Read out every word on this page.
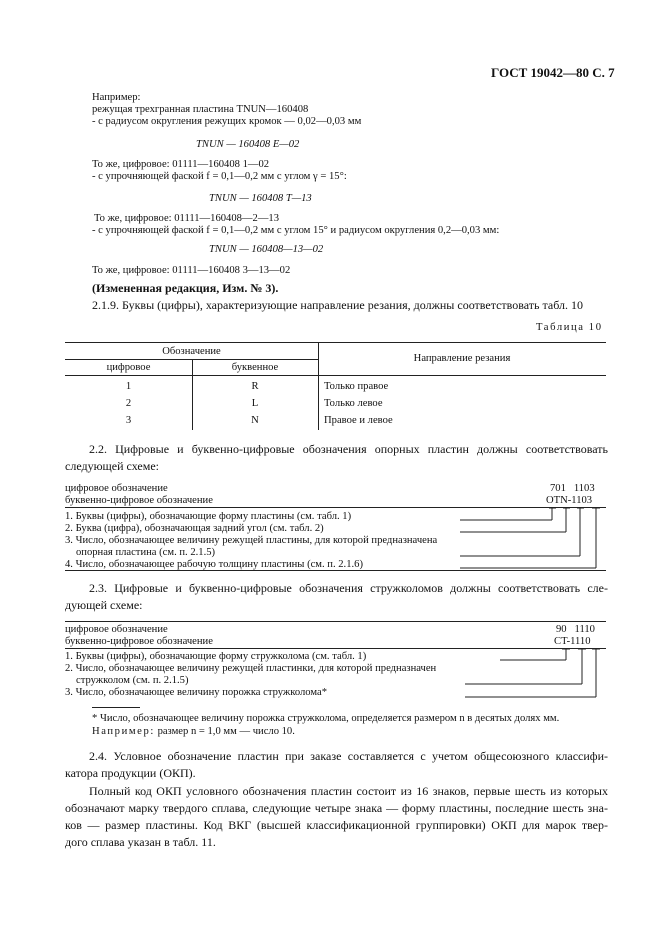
ГОСТ 19042—80 С. 7
Например:
режущая трехгранная пластина TNUN—160408
- с радиусом округления режущих кромок — 0,02—0,03 мм
TNUN — 160408 E—02
То же, цифровое: 01111—160408 1—02
- с упрочняющей фаской f = 0,1—0,2 мм с углом γ = 15°:
TNUN — 160408 T—13
То же, цифровое: 01111—160408—2—13
- с упрочняющей фаской f = 0,1—0,2 мм с углом 15° и радиусом округления 0,2—0,03 мм:
TNUN — 160408—13—02
То же, цифровое: 01111—160408 3—13—02
(Измененная редакция, Изм. № 3).
2.1.9. Буквы (цифры), характеризующие направление резания, должны соответствовать табл. 10
Таблица 10
Обозначение
цифровое	буквенное
Направление резания
1	R	Только правое
2	L	Только левое
3	N	Правое и левое
2.2. Цифровые и буквенно-цифровые обозначения опорных пластин должны соответствовать
следующей схеме:
цифровое обозначение
буквенно-цифровое обозначение
701   1103
OTN-1103
1. Буквы (цифры), обозначающие форму пластины (см. табл. 1)
2. Буква (цифра), обозначающая задний угол (см. табл. 2)
3. Число, обозначающее величину режущей пластины, для которой предназначена
опорная пластина (см. п. 2.1.5)
4. Число, обозначающее рабочую толщину пластины (см. п. 2.1.6)
2.3. Цифровые и буквенно-цифровые обозначения стружколомов должны соответствовать сле-
дующей схеме:
цифровое обозначение
буквенно-цифровое обозначение
90   1110
CT-1110
1. Буквы (цифры), обозначающие форму стружколома (см. табл. 1)
2. Число, обозначающее величину режущей пластинки, для которой предназначен
стружколом (см. п. 2.1.5)
3. Число, обозначающее величину порожка стружколома*
* Число, обозначающее величину порожка стружколома, определяется размером n в десятых долях мм.
Например: размер n = 1,0 мм — число 10.
2.4. Условное обозначение пластин при заказе составляется с учетом общесоюзного классифи-
катора продукции (ОКП).
Полный код ОКП условного обозначения пластин состоит из 16 знаков, первые шесть из которых
обозначают марку твердого сплава, следующие четыре знака — форму пластины, последние шесть зна-
ков — размер пластины. Код ВКГ (высшей классификационной группировки) ОКП для марок твер-
дого сплава указан в табл. 11.
